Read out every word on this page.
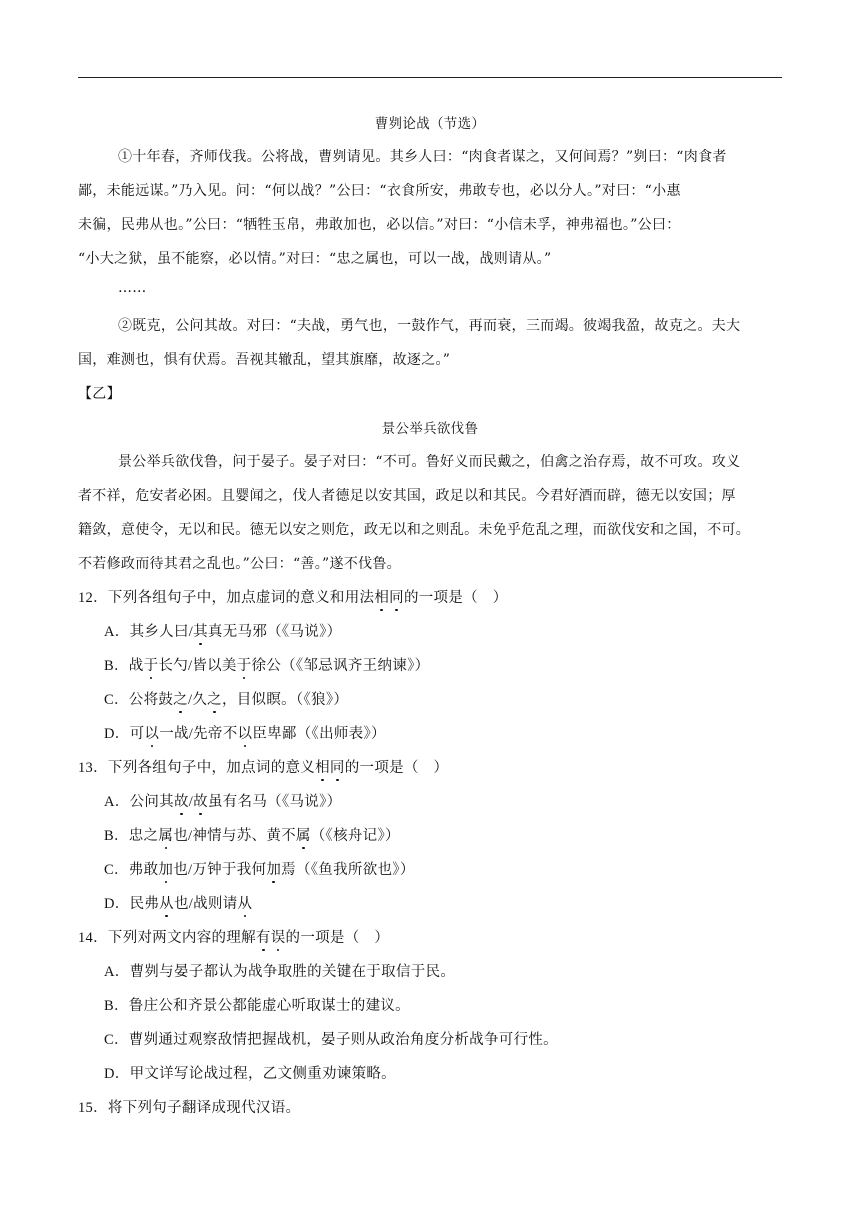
曹刿论战（节选）
①十年春，齐师伐我。公将战，曹刿请见。其乡人曰：“肉食者谋之，又何间焉？”刿曰：“肉食者
鄙，未能远谋。”乃入见。问：“何以战？”公曰：“衣食所安，弗敢专也，必以分人。”对曰：“小惠
未徧，民弗从也。”公曰：“牺牲玉帛，弗敢加也，必以信。”对曰：“小信未孚，神弗福也。”公曰：
“小大之狱，虽不能察，必以情。”对曰：“忠之属也，可以一战，战则请从。”
……
②既克，公问其故。对曰：“夫战，勇气也，一鼓作气，再而衰，三而竭。彼竭我盈，故克之。夫大
国，难测也，惧有伏焉。吾视其辙乱，望其旗靡，故逐之。”
【乙】
景公举兵欲伐鲁
景公举兵欲伐鲁，问于晏子。晏子对曰：“不可。鲁好义而民戴之，伯禽之治存焉，故不可攻。攻义
者不祥，危安者必困。且婴闻之，伐人者德足以安其国，政足以和其民。今君好酒而辟，德无以安国；厚
籍敛，意使令，无以和民。德无以安之则危，政无以和之则乱。未免乎危乱之理，而欲伐安和之国，不可。
不若修政而待其君之乱也。”公曰：“善。”遂不伐鲁。
12．下列各组句子中，加点虚词的意义和用法相同的一项是（　）
A．其乡人曰/其真无马邪（《马说》）
B．战于长勺/皆以美于徐公（《邹忌讽齐王纳谏》）
C．公将鼓之/久之，目似瞑。（《狼》）
D．可以一战/先帝不以臣卑鄙（《出师表》）
13．下列各组句子中，加点词的意义相同的一项是（　）
A．公问其故/故虽有名马（《马说》）
B．忠之属也/神情与苏、黄不属（《核舟记》）
C．弗敢加也/万钟于我何加焉（《鱼我所欲也》）
D．民弗从也/战则请从
14．下列对两文内容的理解有误的一项是（　）
A．曹刿与晏子都认为战争取胜的关键在于取信于民。
B．鲁庄公和齐景公都能虚心听取谋士的建议。
C．曹刿通过观察敌情把握战机，晏子则从政治角度分析战争可行性。
D．甲文详写论战过程，乙文侧重劝谏策略。
15．将下列句子翻译成现代汉语。
